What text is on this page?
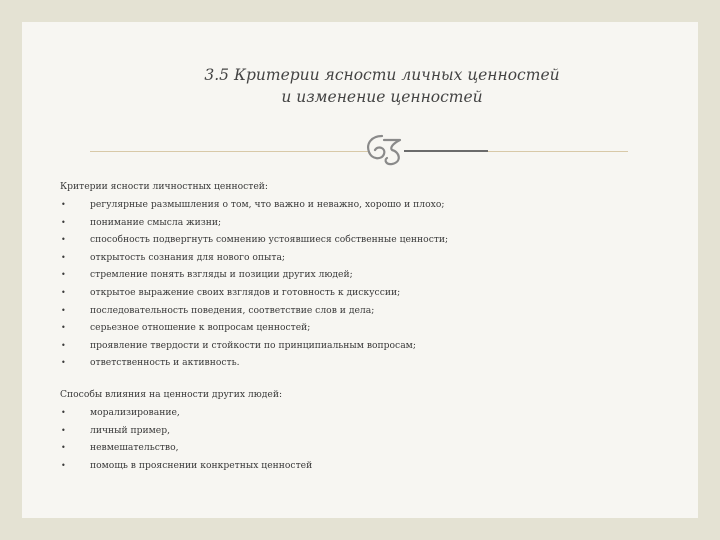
3.5 Критерии ясности личных ценностей
и изменение ценностей
Критерии ясности личностных ценностей:
•	регулярные размышления о том, что важно и неважно, хорошо и плохо;
•	понимание смысла жизни;
•	способность подвергнуть сомнению устоявшиеся собственные ценности;
•	открытость сознания для нового опыта;
•	стремление понять взгляды и позиции других людей;
•	открытое выражение своих взглядов и готовность к дискуссии;
•	последовательность поведения, соответствие слов и дела;
•	серьезное отношение к вопросам ценностей;
•	проявление твердости и стойкости по принципиальным вопросам;
•	ответственность и активность.
Способы влияния на ценности других людей:
•	морализирование,
•	личный пример,
•	невмешательство,
•	помощь в прояснении конкретных ценностей
